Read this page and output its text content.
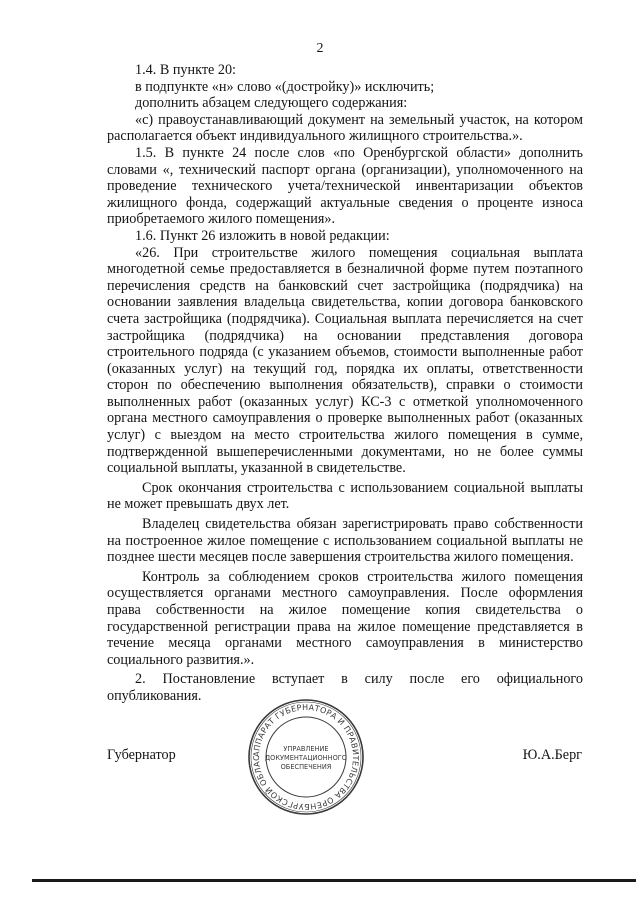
2

1.4. В пункте 20:

в подпункте «н» слово «(достройку)» исключить;

дополнить абзацем следующего содержания:

«с) правоустанавливающий документ на земельный участок, на котором располагается объект индивидуального жилищного строительства.».

1.5. В пункте 24 после слов «по Оренбургской области» дополнить словами «, технический паспорт органа (организации), уполномоченного на проведение технического учета/технической инвентаризации объектов жилищного фонда, содержащий актуальные сведения о проценте износа приобретаемого жилого помещения».

1.6. Пункт 26 изложить в новой редакции:

«26. При строительстве жилого помещения социальная выплата многодетной семье предоставляется в безналичной форме путем поэтапного перечисления средств на банковский счет застройщика (подрядчика) на основании заявления владельца свидетельства, копии договора банковского счета застройщика (подрядчика). Социальная выплата перечисляется на счет застройщика (подрядчика) на основании представления договора строительного подряда (с указанием объемов, стоимости выполненные работ (оказанных услуг) на текущий год, порядка их оплаты, ответственности сторон по обеспечению выполнения обязательств), справки о стоимости выполненных работ (оказанных услуг) КС-3 с отметкой уполномоченного органа местного самоуправления о проверке выполненных работ (оказанных услуг) с выездом на место строительства жилого помещения в сумме, подтвержденной вышеперечисленными документами, но не более суммы социальной выплаты, указанной в свидетельстве.

Срок окончания строительства с использованием социальной выплаты не может превышать двух лет.

Владелец свидетельства обязан зарегистрировать право собственности на построенное жилое помещение с использованием социальной выплаты не позднее шести месяцев после завершения строительства жилого помещения.

Контроль за соблюдением сроков строительства жилого помещения осуществляется органами местного самоуправления. После оформления права собственности на жилое помещение копия свидетельства о государственной регистрации права на жилое помещение представляется в течение месяца органами местного самоуправления в министерство социального развития.».

2. Постановление вступает в силу после его официального опубликования.

АППАРАТ ГУБЕРНАТОРА И ПРАВИТЕЛЬСТВА ОРЕНБУРГСКОЙ ОБЛАС
УПРАВЛЕНИЕ
ДОКУМЕНТАЦИОННОГО
ОБЕСПЕЧЕНИЯ
Губернатор	Ю.А.Берг
